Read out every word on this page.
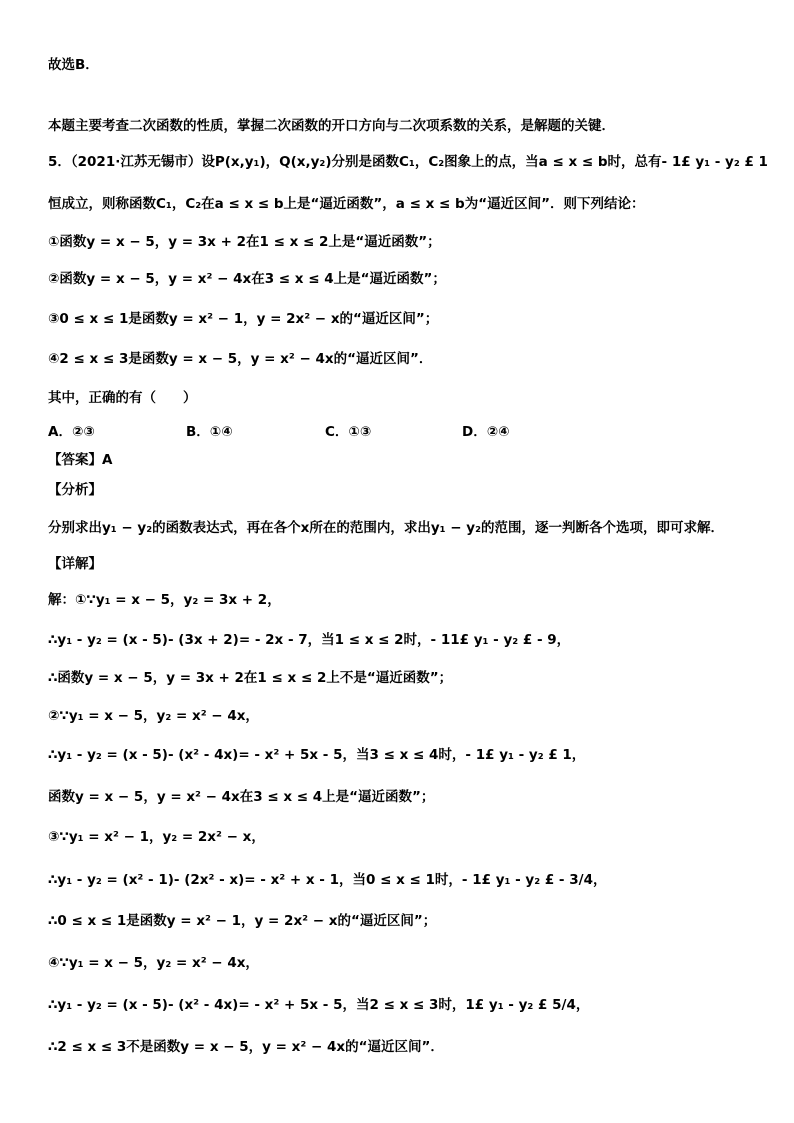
故选B．
本题主要考查二次函数的性质，掌握二次函数的开口方向与二次项系数的关系，是解题的关键．
5．（2021·江苏无锡市）设P(x,y₁)，Q(x,y₂)分别是函数C₁，C₂图象上的点，当a ≤ x ≤ b时，总有- 1£ y₁ - y₂ £ 1
恒成立，则称函数C₁，C₂在a ≤ x ≤ b上是“逼近函数”，a ≤ x ≤ b为“逼近区间”．则下列结论：
①函数y = x − 5，y = 3x + 2在1 ≤ x ≤ 2上是“逼近函数”；
②函数y = x − 5，y = x² − 4x在3 ≤ x ≤ 4上是“逼近函数”；
③0 ≤ x ≤ 1是函数y = x² − 1，y = 2x² − x的“逼近区间”；
④2 ≤ x ≤ 3是函数y = x − 5，y = x² − 4x的“逼近区间”．
其中，正确的有（　　）
A．②③	B．①④	C．①③	D．②④
【答案】A
【分析】
分别求出y₁ − y₂的函数表达式，再在各个x所在的范围内，求出y₁ − y₂的范围，逐一判断各个选项，即可求解．
【详解】
解：①∵y₁ = x − 5，y₂ = 3x + 2，
∴y₁ - y₂ = (x - 5)- (3x + 2)= - 2x - 7，当1 ≤ x ≤ 2时，- 11£ y₁ - y₂ £ - 9，
∴函数y = x − 5，y = 3x + 2在1 ≤ x ≤ 2上不是“逼近函数”；
②∵y₁ = x − 5，y₂ = x² − 4x，
∴y₁ - y₂ = (x - 5)- (x² - 4x)= - x² + 5x - 5，当3 ≤ x ≤ 4时，- 1£ y₁ - y₂ £ 1，
函数y = x − 5，y = x² − 4x在3 ≤ x ≤ 4上是“逼近函数”；
③∵y₁ = x² − 1，y₂ = 2x² − x，
∴y₁ - y₂ = (x² - 1)- (2x² - x)= - x² + x - 1，当0 ≤ x ≤ 1时，- 1£ y₁ - y₂ £ - 3/4，
∴0 ≤ x ≤ 1是函数y = x² − 1，y = 2x² − x的“逼近区间”；
④∵y₁ = x − 5，y₂ = x² − 4x，
∴y₁ - y₂ = (x - 5)- (x² - 4x)= - x² + 5x - 5，当2 ≤ x ≤ 3时，1£ y₁ - y₂ £ 5/4，
∴2 ≤ x ≤ 3不是函数y = x − 5，y = x² − 4x的“逼近区间”．
